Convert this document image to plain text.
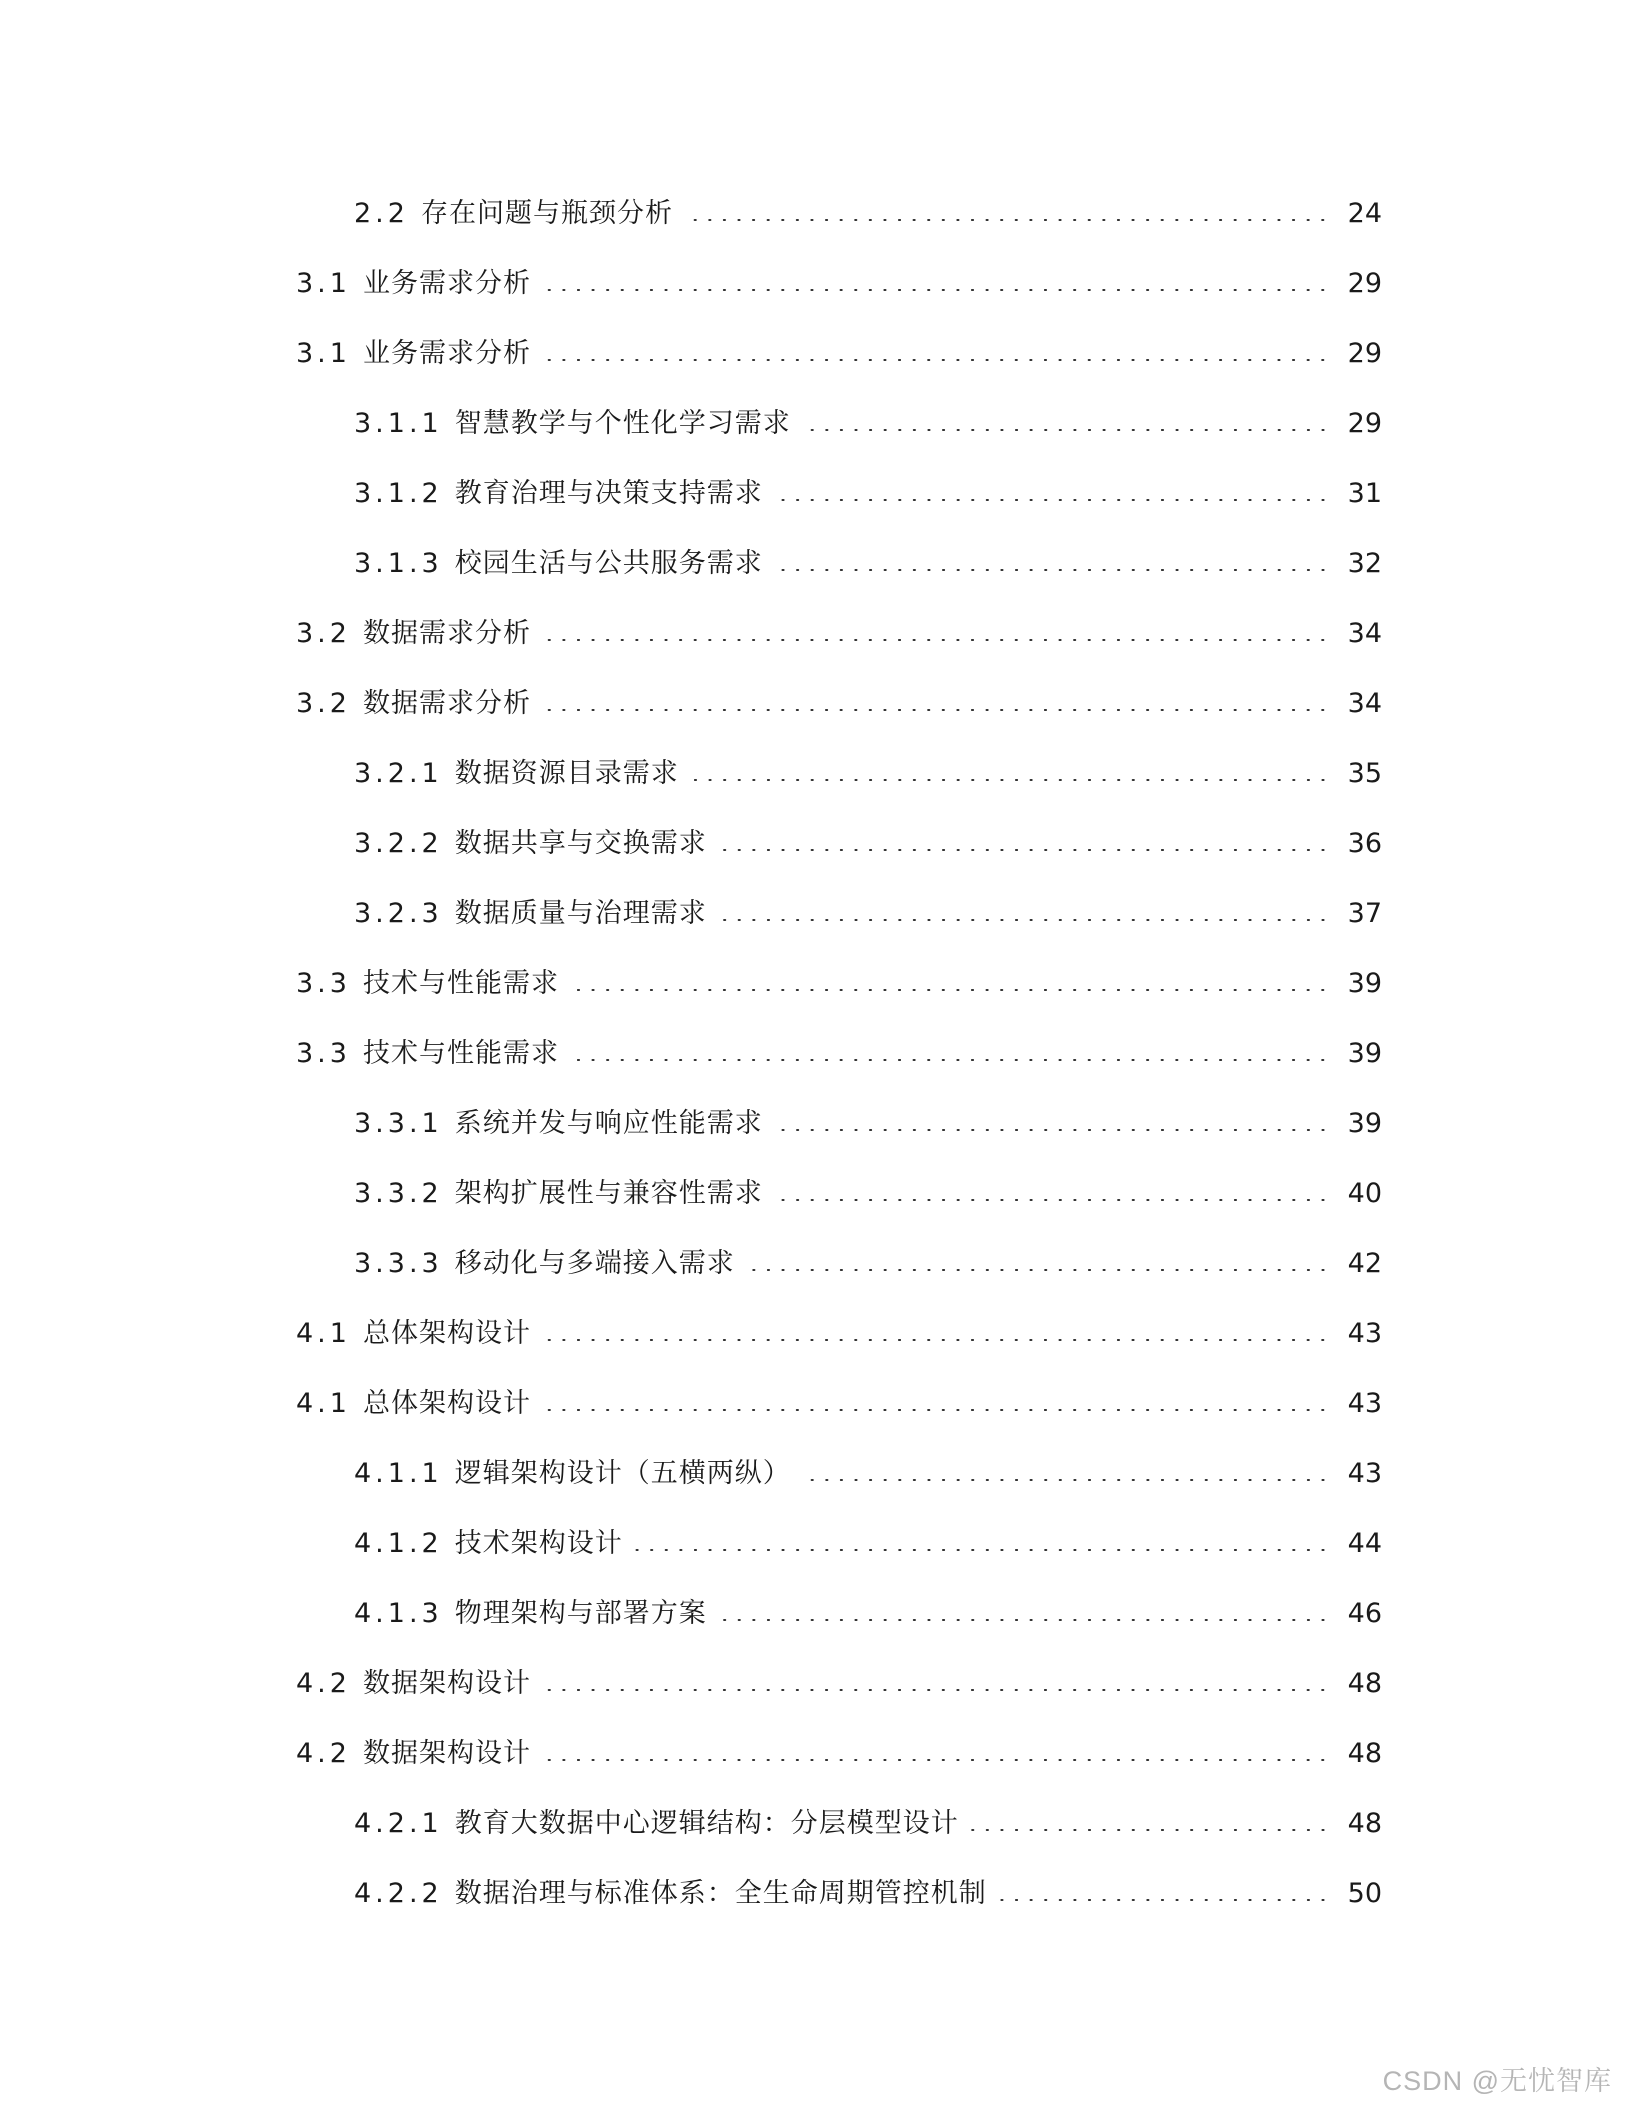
2.2 存在问题与瓶颈分析	24
3.1 业务需求分析	29
3.1 业务需求分析	29
3.1.1 智慧教学与个性化学习需求	29
3.1.2 教育治理与决策支持需求	31
3.1.3 校园生活与公共服务需求	32
3.2 数据需求分析	34
3.2 数据需求分析	34
3.2.1 数据资源目录需求	35
3.2.2 数据共享与交换需求	36
3.2.3 数据质量与治理需求	37
3.3 技术与性能需求	39
3.3 技术与性能需求	39
3.3.1 系统并发与响应性能需求	39
3.3.2 架构扩展性与兼容性需求	40
3.3.3 移动化与多端接入需求	42
4.1 总体架构设计	43
4.1 总体架构设计	43
4.1.1 逻辑架构设计（五横两纵）	43
4.1.2 技术架构设计	44
4.1.3 物理架构与部署方案	46
4.2 数据架构设计	48
4.2 数据架构设计	48
4.2.1 教育大数据中心逻辑结构：分层模型设计	48
4.2.2 数据治理与标准体系：全生命周期管控机制	50
CSDN @无忧智库
